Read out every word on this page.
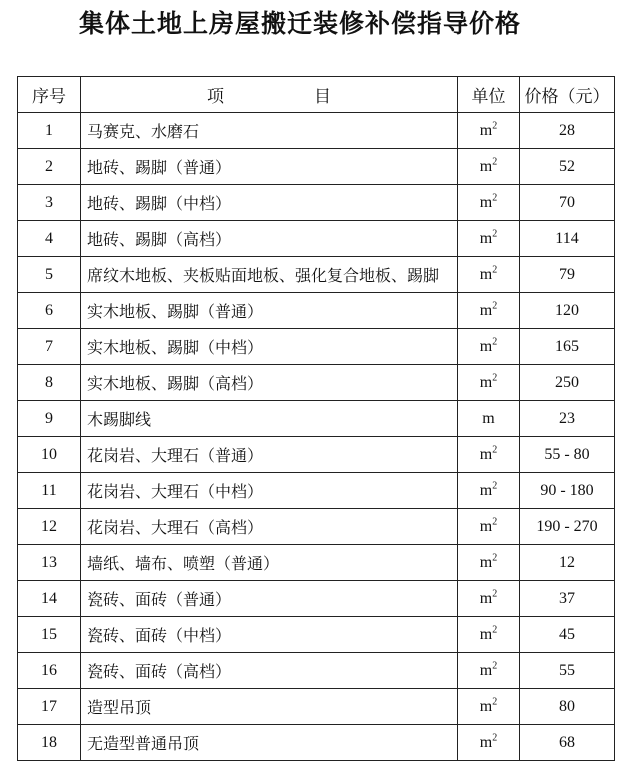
集体土地上房屋搬迁装修补偿指导价格
序号	项 目	单位	价格（元）
1	马赛克、水磨石	$m^2$	28
2	地砖、踢脚（普通）	$m^2$	52
3	地砖、踢脚（中档）	$m^2$	70
4	地砖、踢脚（高档）	$m^2$	114
5	席纹木地板、夹板贴面地板、强化复合地板、踢脚	$m^2$	79
6	实木地板、踢脚（普通）	$m^2$	120
7	实木地板、踢脚（中档）	$m^2$	165
8	实木地板、踢脚（高档）	$m^2$	250
9	木踢脚线	m	23
10	花岗岩、大理石（普通）	$m^2$	55 - 80
11	花岗岩、大理石（中档）	$m^2$	90 - 180
12	花岗岩、大理石（高档）	$m^2$	190 - 270
13	墙纸、墙布、喷塑（普通）	$m^2$	12
14	瓷砖、面砖（普通）	$m^2$	37
15	瓷砖、面砖（中档）	$m^2$	45
16	瓷砖、面砖（高档）	$m^2$	55
17	造型吊顶	$m^2$	80
18	无造型普通吊顶	$m^2$	68
